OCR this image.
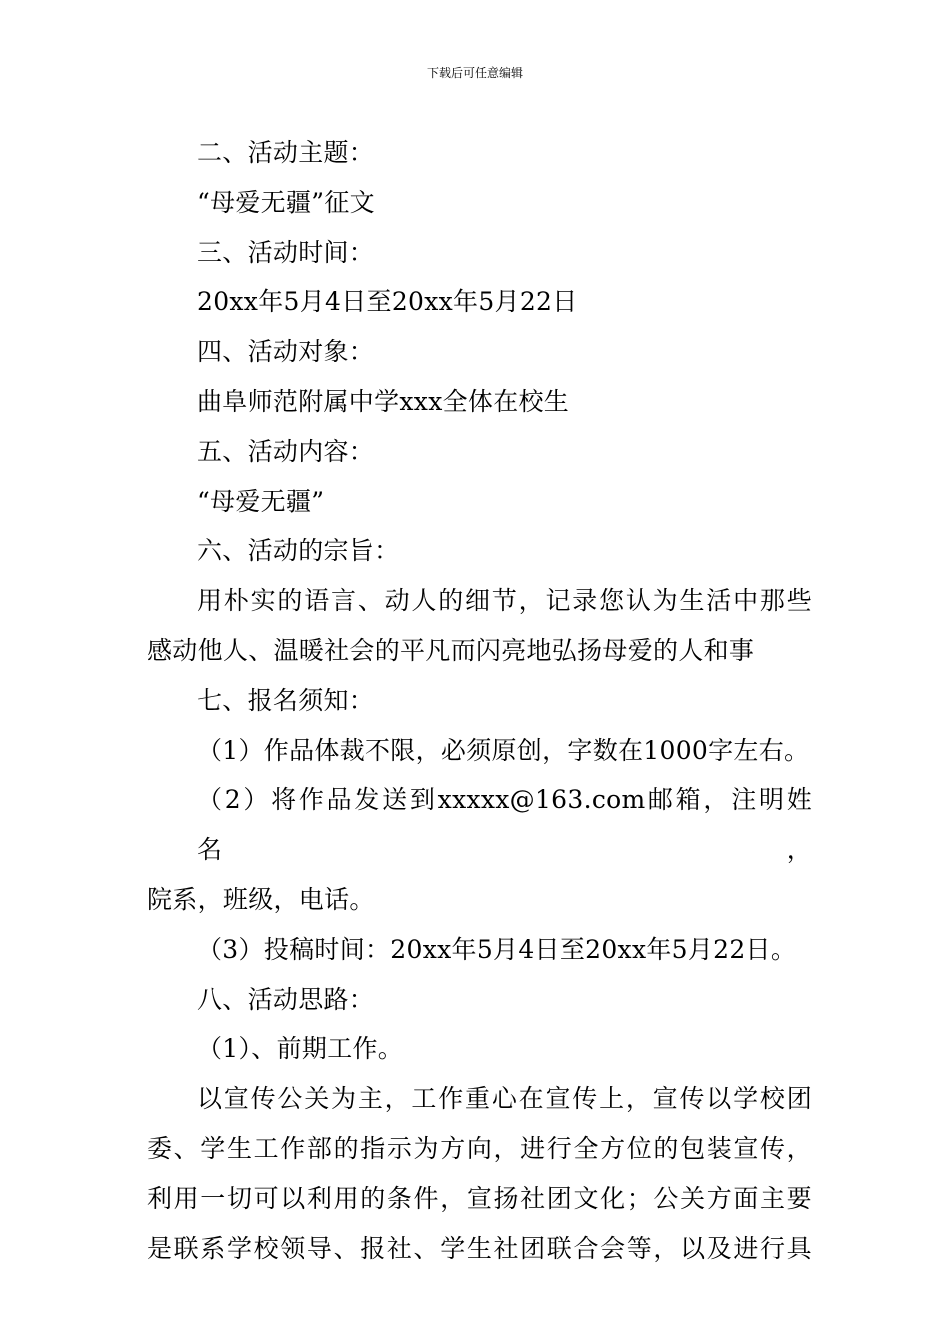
下载后可任意编辑

二、活动主题：

“母爱无疆”征文

三、活动时间：

20xx年5月4日至20xx年5月22日

四、活动对象：

曲阜师范附属中学xxx全体在校生

五、活动内容：

“母爱无疆”

六、活动的宗旨：

用朴实的语言、动人的细节，记录您认为生活中那些

感动他人、温暖社会的平凡而闪亮地弘扬母爱的人和事

七、报名须知：

（1）作品体裁不限，必须原创，字数在1000字左右。

（2）将作品发送到xxxxx@163.com邮箱，注明姓名，

院系，班级，电话。

（3）投稿时间：20xx年5月4日至20xx年5月22日。

八、活动思路：

（1）、前期工作。

以宣传公关为主，工作重心在宣传上，宣传以学校团

委、学生工作部的指示为方向，进行全方位的包装宣传，

利用一切可以利用的条件，宣扬社团文化；公关方面主要

是联系学校领导、报社、学生社团联合会等，以及进行具
